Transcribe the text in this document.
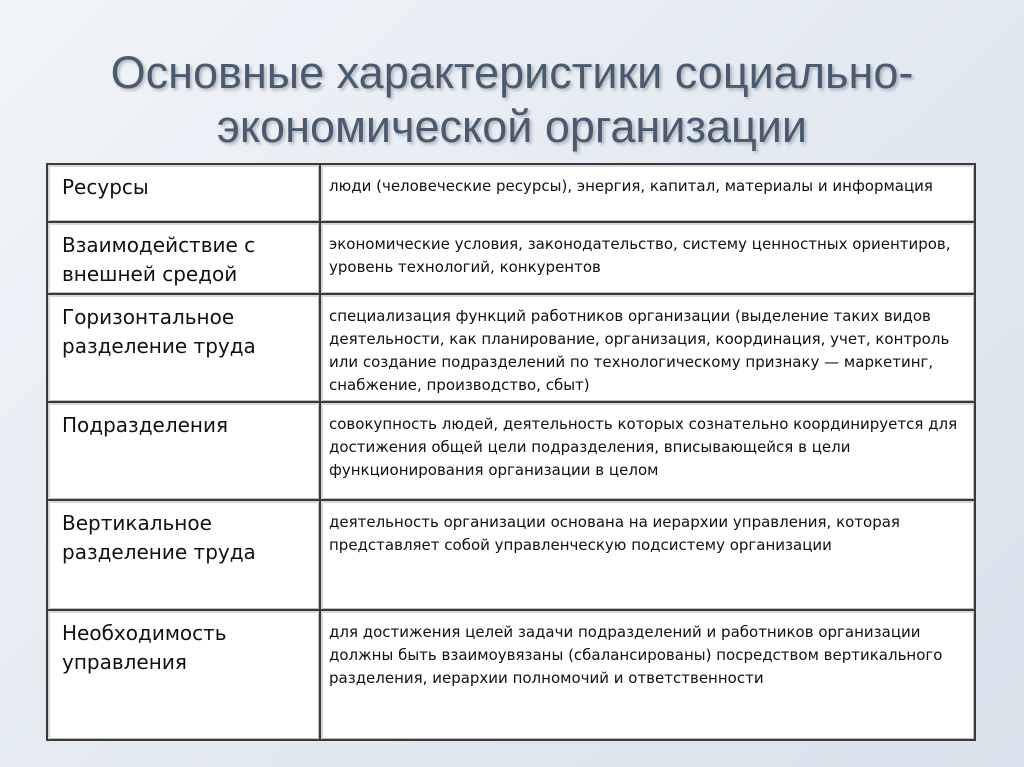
Основные характеристики социально-
экономической организации
Ресурсы	люди (человеческие ресурсы), энергия, капитал, материалы и информация
Взаимодействие с внешней средой	экономические условия, законодательство, систему ценностных ориентиров, уровень технологий, конкурентов
Горизонтальное разделение труда	специализация функций работников организации (выделение таких видов деятельности, как планирование, организация, координация, учет, контроль или создание подразделений по технологическому признаку — маркетинг, снабжение, производство, сбыт)
Подразделения	совокупность людей, деятельность которых сознательно координируется для достижения общей цели подразделения, вписывающейся в цели функционирования организации в целом
Вертикальное разделение труда	деятельность организации основана на иерархии управления, которая представляет собой управленческую подсистему организации
Необходимость управления	для достижения целей задачи подразделений и работников организации должны быть взаимоувязаны (сбалансированы) посредством вертикального разделения, иерархии полномочий и ответственности
